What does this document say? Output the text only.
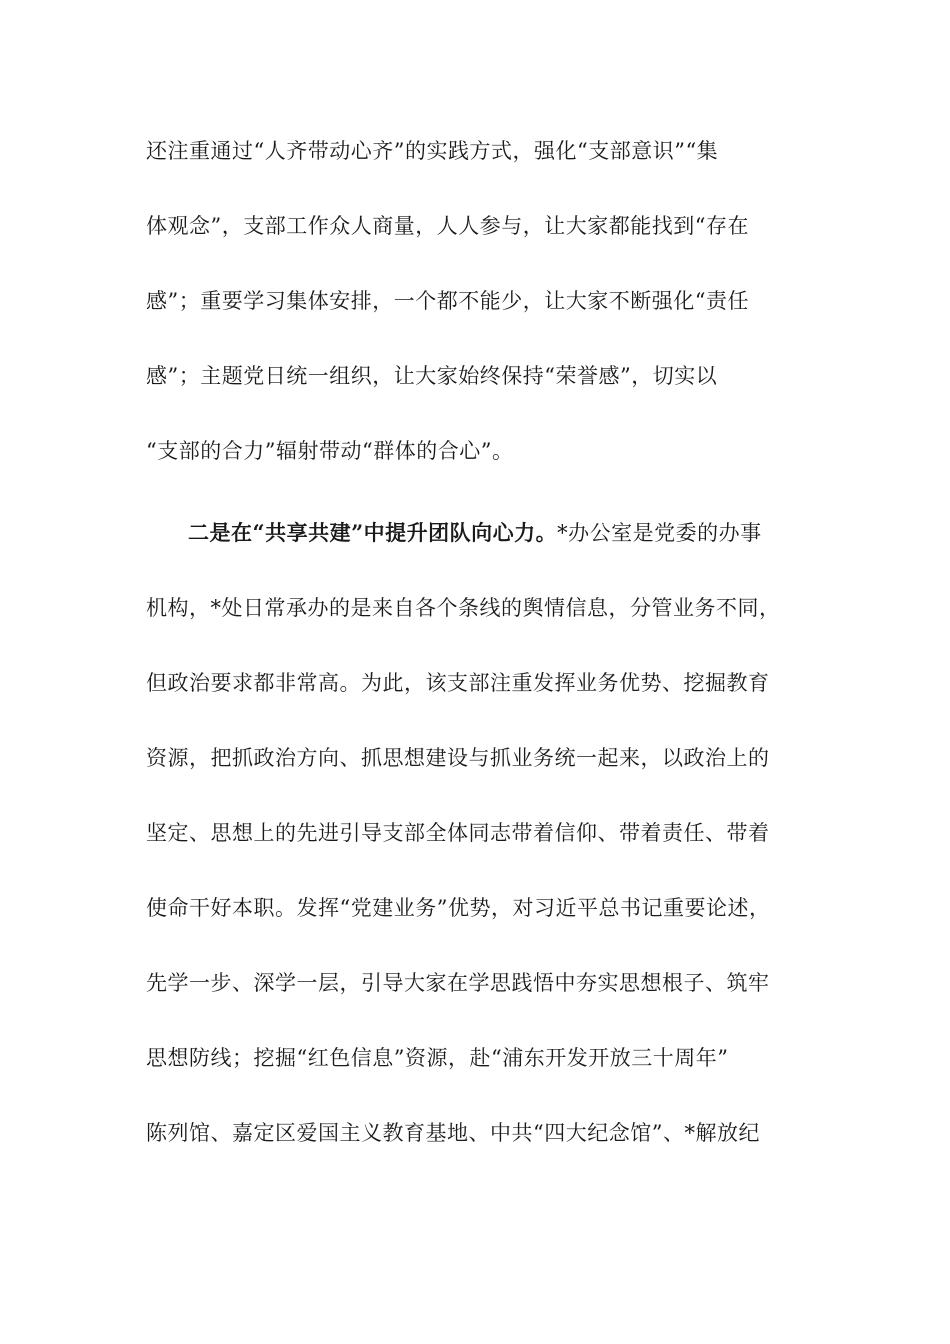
还注重通过“人齐带动心齐”的实践方式，强化“支部意识”“集
体观念”，支部工作众人商量，人人参与，让大家都能找到“存在
感”；重要学习集体安排，一个都不能少，让大家不断强化“责任
感”；主题党日统一组织，让大家始终保持“荣誉感”，切实以
“支部的合力”辐射带动“群体的合心”。
二是在“共享共建”中提升团队向心力。*办公室是党委的办事
机构，*处日常承办的是来自各个条线的舆情信息，分管业务不同，
但政治要求都非常高。为此，该支部注重发挥业务优势、挖掘教育
资源，把抓政治方向、抓思想建设与抓业务统一起来，以政治上的
坚定、思想上的先进引导支部全体同志带着信仰、带着责任、带着
使命干好本职。发挥“党建业务”优势，对习近平总书记重要论述，
先学一步、深学一层，引导大家在学思践悟中夯实思想根子、筑牢
思想防线；挖掘“红色信息”资源，赴“浦东开发开放三十周年”
陈列馆、嘉定区爱国主义教育基地、中共“四大纪念馆”、*解放纪
